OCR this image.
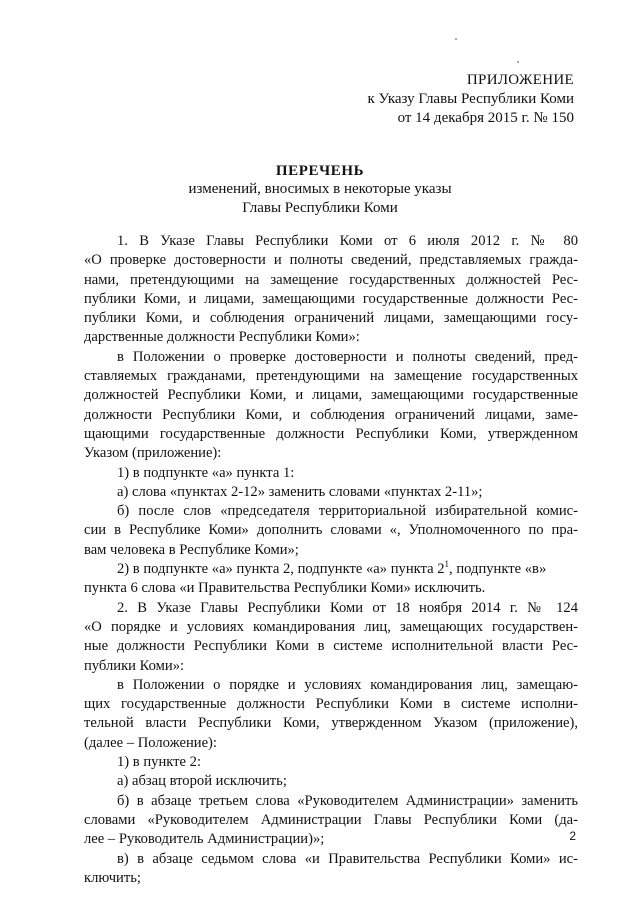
ПРИЛОЖЕНИЕ
к Указу Главы Республики Коми
от 14 декабря 2015 г. № 150
ПЕРЕЧЕНЬ
изменений, вносимых в некоторые указы
Главы Республики Коми
1. В Указе Главы Республики Коми от 6 июля 2012 г. № 80
«О проверке достоверности и полноты сведений, представляемых гражда-
нами, претендующими на замещение государственных должностей Рес-
публики Коми, и лицами, замещающими государственные должности Рес-
публики Коми, и соблюдения ограничений лицами, замещающими госу-
дарственные должности Республики Коми»:
в Положении о проверке достоверности и полноты сведений, пред-
ставляемых гражданами, претендующими на замещение государственных
должностей Республики Коми, и лицами, замещающими государственные
должности Республики Коми, и соблюдения ограничений лицами, заме-
щающими государственные должности Республики Коми, утвержденном
Указом (приложение):
1) в подпункте «а» пункта 1:
а) слова «пунктах 2-12» заменить словами «пунктах 2-11»;
б) после слов «председателя территориальной избирательной комис-
сии в Республике Коми» дополнить словами «, Уполномоченного по пра-
вам человека в Республике Коми»;
2) в подпункте «а» пункта 2, подпункте «а» пункта $2^1$, подпункте «в»
пункта 6 слова «и Правительства Республики Коми» исключить.
2. В Указе Главы Республики Коми от 18 ноября 2014 г. № 124
«О порядке и условиях командирования лиц, замещающих государствен-
ные должности Республики Коми в системе исполнительной власти Рес-
публики Коми»:
в Положении о порядке и условиях командирования лиц, замещаю-
щих государственные должности Республики Коми в системе исполни-
тельной власти Республики Коми, утвержденном Указом (приложение),
(далее – Положение):
1) в пункте 2:
а) абзац второй исключить;
б) в абзаце третьем слова «Руководителем Администрации» заменить
словами «Руководителем Администрации Главы Республики Коми (да-
лее – Руководитель Администрации)»;
в) в абзаце седьмом слова «и Правительства Республики Коми» ис-
ключить;
2
